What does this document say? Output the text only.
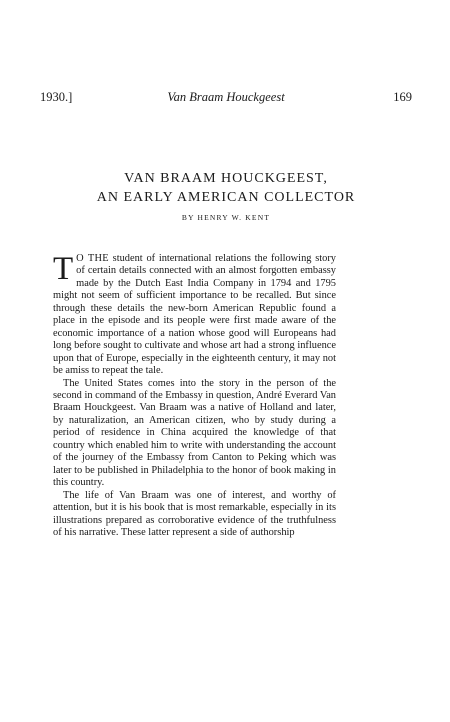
1930.]	Van Braam Houckgeest	169
VAN BRAAM HOUCKGEEST,
AN EARLY AMERICAN COLLECTOR
BY HENRY W. KENT

T O THE student of international relations the following story of certain details connected with an almost forgotten embassy made by the Dutch East India Company in 1794 and 1795 might not seem of sufficient importance to be recalled. But since through these details the new-born American Republic found a place in the episode and its people were first made aware of the economic importance of a nation whose good will Europeans had long before sought to cultivate and whose art had a strong influence upon that of Europe, especially in the eighteenth century, it may not be amiss to repeat the tale.

The United States comes into the story in the person of the second in command of the Embassy in question, André Everard Van Braam Houckgeest. Van Braam was a native of Holland and later, by naturalization, an American citizen, who by study during a period of residence in China acquired the knowledge of that country which enabled him to write with understanding the account of the journey of the Embassy from Canton to Peking which was later to be published in Philadelphia to the honor of book making in this country.

The life of Van Braam was one of interest, and worthy of attention, but it is his book that is most remarkable, especially in its illustrations prepared as corroborative evidence of the truthfulness of his narrative. These latter represent a side of authorship
